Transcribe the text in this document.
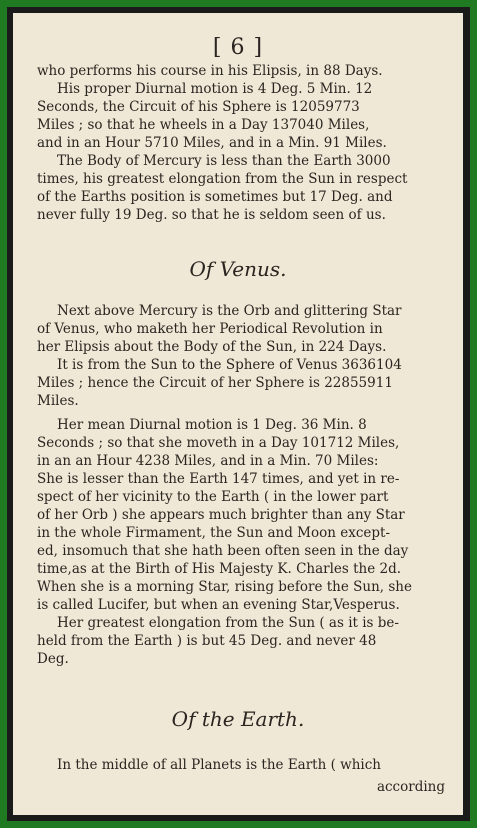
[ 6 ]
who performs his course in his Elipsis, in 88 Days.
His proper Diurnal motion is 4 Deg. 5 Min. 12
Seconds, the Circuit of his Sphere is 12059773
Miles ; so that he wheels in a Day 137040 Miles,
and in an Hour 5710 Miles, and in a Min. 91 Miles.
The Body of Mercury is less than the Earth 3000
times, his greatest elongation from the Sun in respect
of the Earths position is sometimes but 17 Deg. and
never fully 19 Deg. so that he is seldom seen of us.
Of Venus.
Next above Mercury is the Orb and glittering Star
of Venus, who maketh her Periodical Revolution in
her Elipsis about the Body of the Sun, in 224 Days.
It is from the Sun to the Sphere of Venus 3636104
Miles ; hence the Circuit of her Sphere is 22855911
Miles.
Her mean Diurnal motion is 1 Deg. 36 Min. 8
Seconds ; so that she moveth in a Day 101712 Miles,
in an an Hour 4238 Miles, and in a Min. 70 Miles:
She is lesser than the Earth 147 times, and yet in re-
spect of her vicinity to the Earth ( in the lower part
of her Orb ) she appears much brighter than any Star
in the whole Firmament, the Sun and Moon except-
ed, insomuch that she hath been often seen in the day
time,as at the Birth of His Majesty K. Charles the 2d.
When she is a morning Star, rising before the Sun, she
is called Lucifer, but when an evening Star,Vesperus.
Her greatest elongation from the Sun ( as it is be-
held from the Earth ) is but 45 Deg. and never 48
Deg.
Of the Earth.
In the middle of all Planets is the Earth ( which
according
